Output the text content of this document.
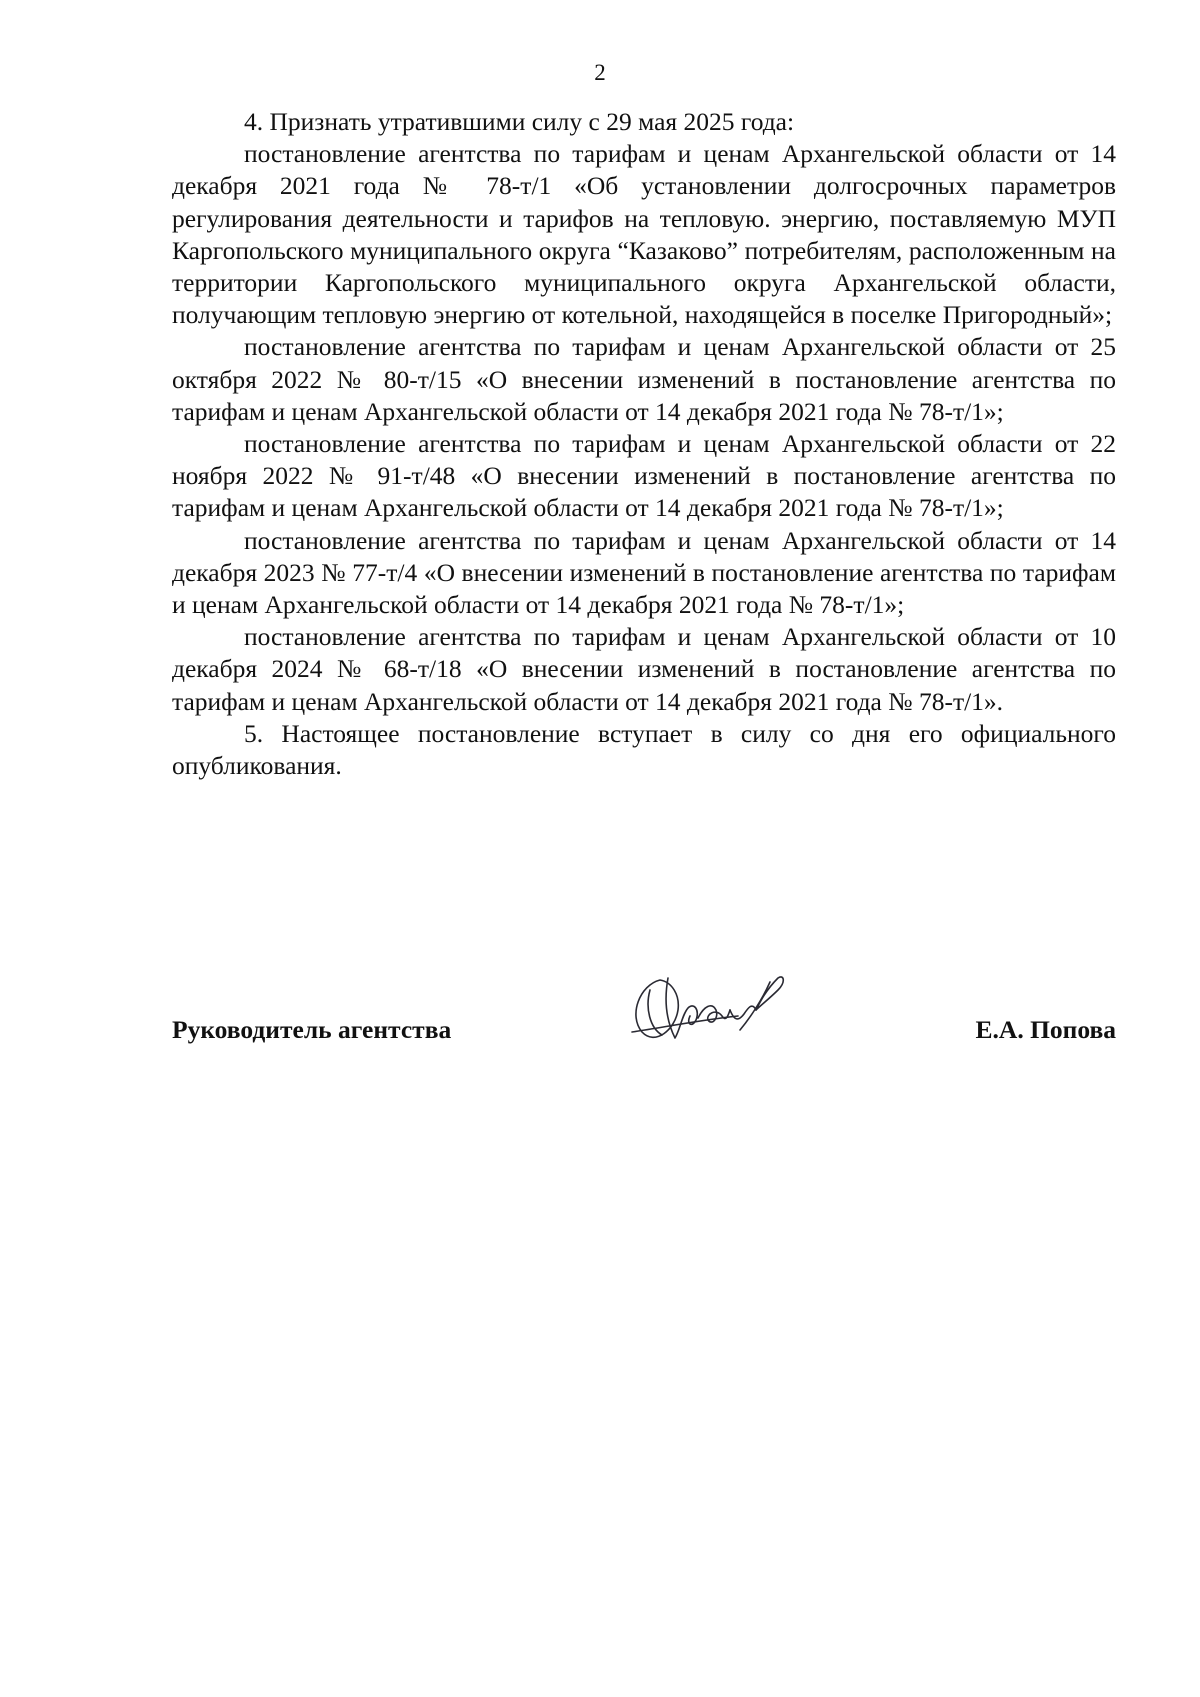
2

4. Признать утратившими силу с 29 мая 2025 года:

постановление агентства по тарифам и ценам Архангельской области от 14 декабря 2021 года № 78-т/1 «Об установлении долгосрочных параметров регулирования деятельности и тарифов на тепловую. энергию, поставляемую МУП Каргопольского муниципального округа “Казаково” потребителям, расположенным на территории Каргопольского муниципального округа Архангельской области, получающим тепловую энергию от котельной, находящейся в поселке Пригородный»;

постановление агентства по тарифам и ценам Архангельской области от 25 октября 2022 № 80-т/15 «О внесении изменений в постановление агентства по тарифам и ценам Архангельской области от 14 декабря 2021 года № 78-т/1»;

постановление агентства по тарифам и ценам Архангельской области от 22 ноября 2022 № 91-т/48 «О внесении изменений в постановление агентства по тарифам и ценам Архангельской области от 14 декабря 2021 года № 78-т/1»;

постановление агентства по тарифам и ценам Архангельской области от 14 декабря 2023 № 77-т/4 «О внесении изменений в постановление агентства по тарифам и ценам Архангельской области от 14 декабря 2021 года № 78-т/1»;

постановление агентства по тарифам и ценам Архангельской области от 10 декабря 2024 № 68-т/18 «О внесении изменений в постановление агентства по тарифам и ценам Архангельской области от 14 декабря 2021 года № 78-т/1».

5. Настоящее постановление вступает в силу со дня его официального опубликования.

Руководитель агентства	Е.А. Попова
